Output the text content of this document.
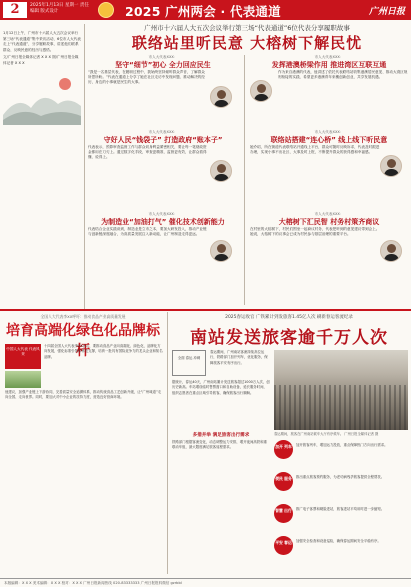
2	2025年1月13日 星期一 责任编辑 版式设计	2025 广州两会 · 代表通道	广州日报

1月12日上午，广州市十六届人大五次会议举行第三场“代表通道”集中采访活动，6位市人大代表走上“代表通道”，分享履职故事，讲述他们联系群众、反映民意的经历与感悟。

文/广州日报全媒体记者 X X X 图/广州日报全媒体记者 X X X

广州市十六届人大五次会议举行第三场“代表通道”6位代表分享履职故事
联络站里听民意 大榕树下解民忧
市人大代表XXX：
坚守“细节”初心 全力回应民生
“我是一名基层代表，在履职过程中，我始终坚持倾听群众声音，了解群众所思所盼。”代表在通道上分享了她在社区走访中发现问题、推动解决的经历，身边的小事就是民生的大事。
市人大代表XXX：
发挥港澳桥梁作用 推进湾区互联互通
作为来自港澳的代表，他讲述了依托代表联络站收集港澳居民意见、推动大湾区规则衔接的实践，希望更多港澳青年来穗创新创业，共享发展机遇。
市人大代表XXX：
守好人民“钱袋子” 打造政府“账本子”
代表表示，预算审查监督工作与群众切身利益紧密相关，要让每一笔财政资金都用在刀刃上。通过数字化手段，审查更精准，监督更有效，让群众看得懂、说得上。
市人大代表XXX：
联络站搭建“连心桥” 线上线下听民意
她介绍，所在街道代表联络站开通线上平台，群众可随时反映诉求，代表及时跟进办理，实现小事不出社区、大事及时上报，不断提升群众的获得感和幸福感。
市人大代表XXX：
为制造业“加油打气” 催化技术创新能力
代表结合企业实践谈到，制造业是立市之本，要加大研发投入，推动产业链与创新链深度融合，为高质量发展注入新动能，让广州制造走得更远。
市人大代表XXX：
大榕树下汇民智 村务村策齐商议
在村里的大榕树下，村民们围坐一起商议村务，代表把听到的意见建议带到会上。她说，大榕树下的议事会已成为村民参与基层治理的重要平台。
全国人大代表李XX呼吁：推动食品产业高质量发展
培育高端化绿色化品牌标杆
中国人大代表 代表风采
十四届全国人大代表李XX表示，要推动食品产业向高端化、绿色化、品牌化方向发展，强化标准引领和科技支撑，培育一批具有国际竞争力的龙头企业和知名品牌。
他建议，加强产业链上下游协同，完善质量安全追溯体系，推动传统食品工艺创新升级，让“广州味道”走向全国、走向世界。同时，要加大对中小企业的扶持力度，营造良好营商环境。
2025春运收官 广铁累计到发旅客1.45亿人次 刷新春运客流纪录
南站发送旅客逾千万人次
全面 春运 冲刺
春运期间，广州南站客流持续高位运行，铁路部门加开列车，优化服务，保障旅客平安有序出行。
春运期间，旅客在广州南站候车大厅有序候车。 广州日报全媒体记者 摄
据统计，春运40天，广州南站累计发送旅客超过1000万人次，创历史新高。车站增设临时售票窗口和自助设备，延长服务时间，组织志愿者在重点区域引导旅客，确保旅客出行顺畅。
多措并举 满足旅客出行需求
铁路部门根据客流变化，动态调整运力安排，增开夜间高铁和重联动车组，最大限度满足旅客返程需求。	加开 列车	加开旅客列车，增加运力投放，重点保障热门方向出行需求。
便民 服务	推出重点旅客预约服务，为老幼病残孕旅客提供全程帮扶。
智慧 出行	推广电子客票和刷脸进站，旅客进站平均用时进一步缩短。
平安 春运	加强安全检查和设备巡检，确保春运期间安全平稳有序。
本版编辑：X X X 美术编辑：X X X 校对：X X X 广州日报新闻热线 020-83333333 广州日报报料微信 gzrbbl
